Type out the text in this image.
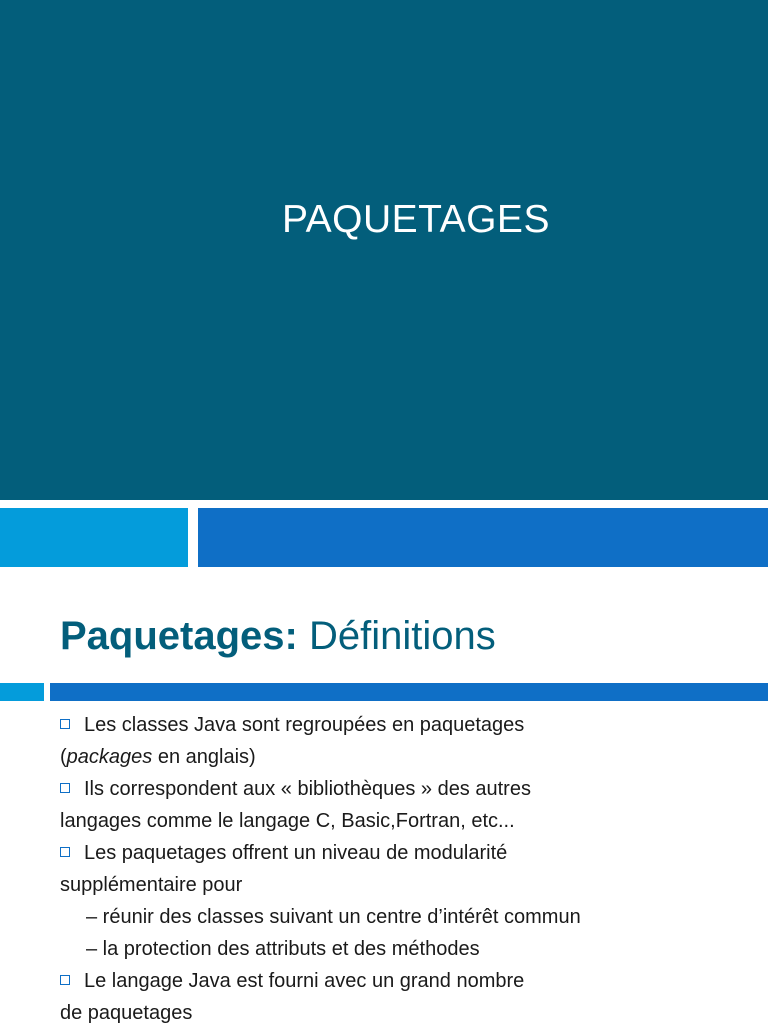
PAQUETAGES
Paquetages: Définitions
Les classes Java sont regroupées en paquetages
(packages en anglais)
Ils correspondent aux « bibliothèques » des autres
langages comme le langage C, Basic,Fortran, etc...
Les paquetages offrent un niveau de modularité
supplémentaire pour
– réunir des classes suivant un centre d’intérêt commun
– la protection des attributs et des méthodes
Le langage Java est fourni avec un grand nombre
de paquetages
